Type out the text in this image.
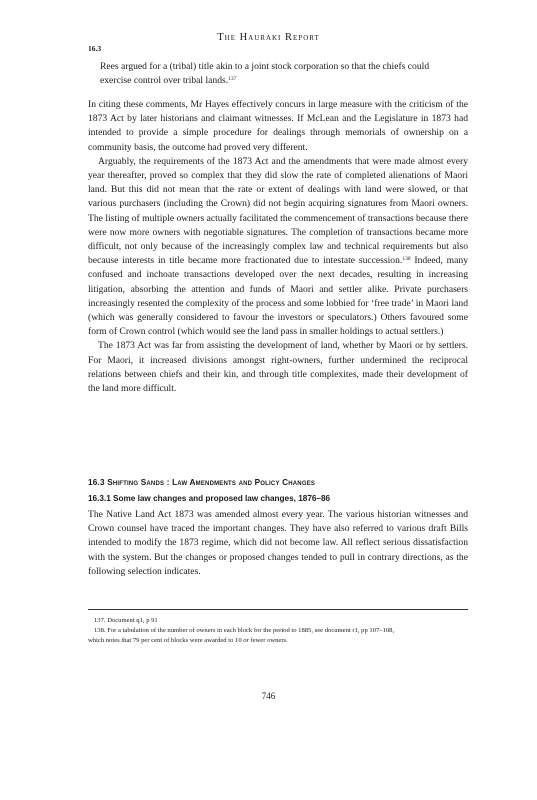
The Hauraki Report
16.3

Rees argued for a (tribal) title akin to a joint stock corporation so that the chiefs could

exercise control over tribal lands.$^{137}$

In citing these comments, Mr Hayes effectively concurs in large measure with the criticism of the 1873 Act by later historians and claimant witnesses. If McLean and the Legislature in 1873 had intended to provide a simple procedure for dealings through memorials of ownership on a community basis, the outcome had proved very different.

Arguably, the requirements of the 1873 Act and the amendments that were made almost every year thereafter, proved so complex that they did slow the rate of completed alienations of Maori land. But this did not mean that the rate or extent of dealings with land were slowed, or that various purchasers (including the Crown) did not begin acquiring signatures from Maori owners. The listing of multiple owners actually facilitated the commencement of transactions because there were now more owners with negotiable signatures. The completion of transactions became more difficult, not only because of the increasingly complex law and technical requirements but also because interests in title became more fractionated due to intestate succession.$^{138}$ Indeed, many confused and inchoate transactions developed over the next decades, resulting in increasing litigation, absorbing the attention and funds of Maori and settler alike. Private purchasers increasingly resented the complexity of the process and some lobbied for ‘free trade’ in Maori land (which was generally considered to favour the investors or speculators.) Others favoured some form of Crown control (which would see the land pass in smaller holdings to actual settlers.)

The 1873 Act was far from assisting the development of land, whether by Maori or by settlers. For Maori, it increased divisions amongst right-owners, further undermined the reciprocal relations between chiefs and their kin, and through title complexites, made their development of the land more difficult.

16.3 Shifting Sands : Law Amendments and Policy Changes
16.3.1 Some law changes and proposed law changes, 1876–86

The Native Land Act 1873 was amended almost every year. The various historian witnesses and Crown counsel have traced the important changes. They have also referred to various draft Bills intended to modify the 1873 regime, which did not become law. All reflect serious dissatisfaction with the system. But the changes or proposed changes tended to pull in contrary directions, as the following selection indicates.

137. Document q1, p 91

138. For a tabulation of the number of owners in each block for the period to 1885, see document r1, pp 107–108,

which notes that 79 per cent of blocks were awarded to 10 or fewer owners.

746
